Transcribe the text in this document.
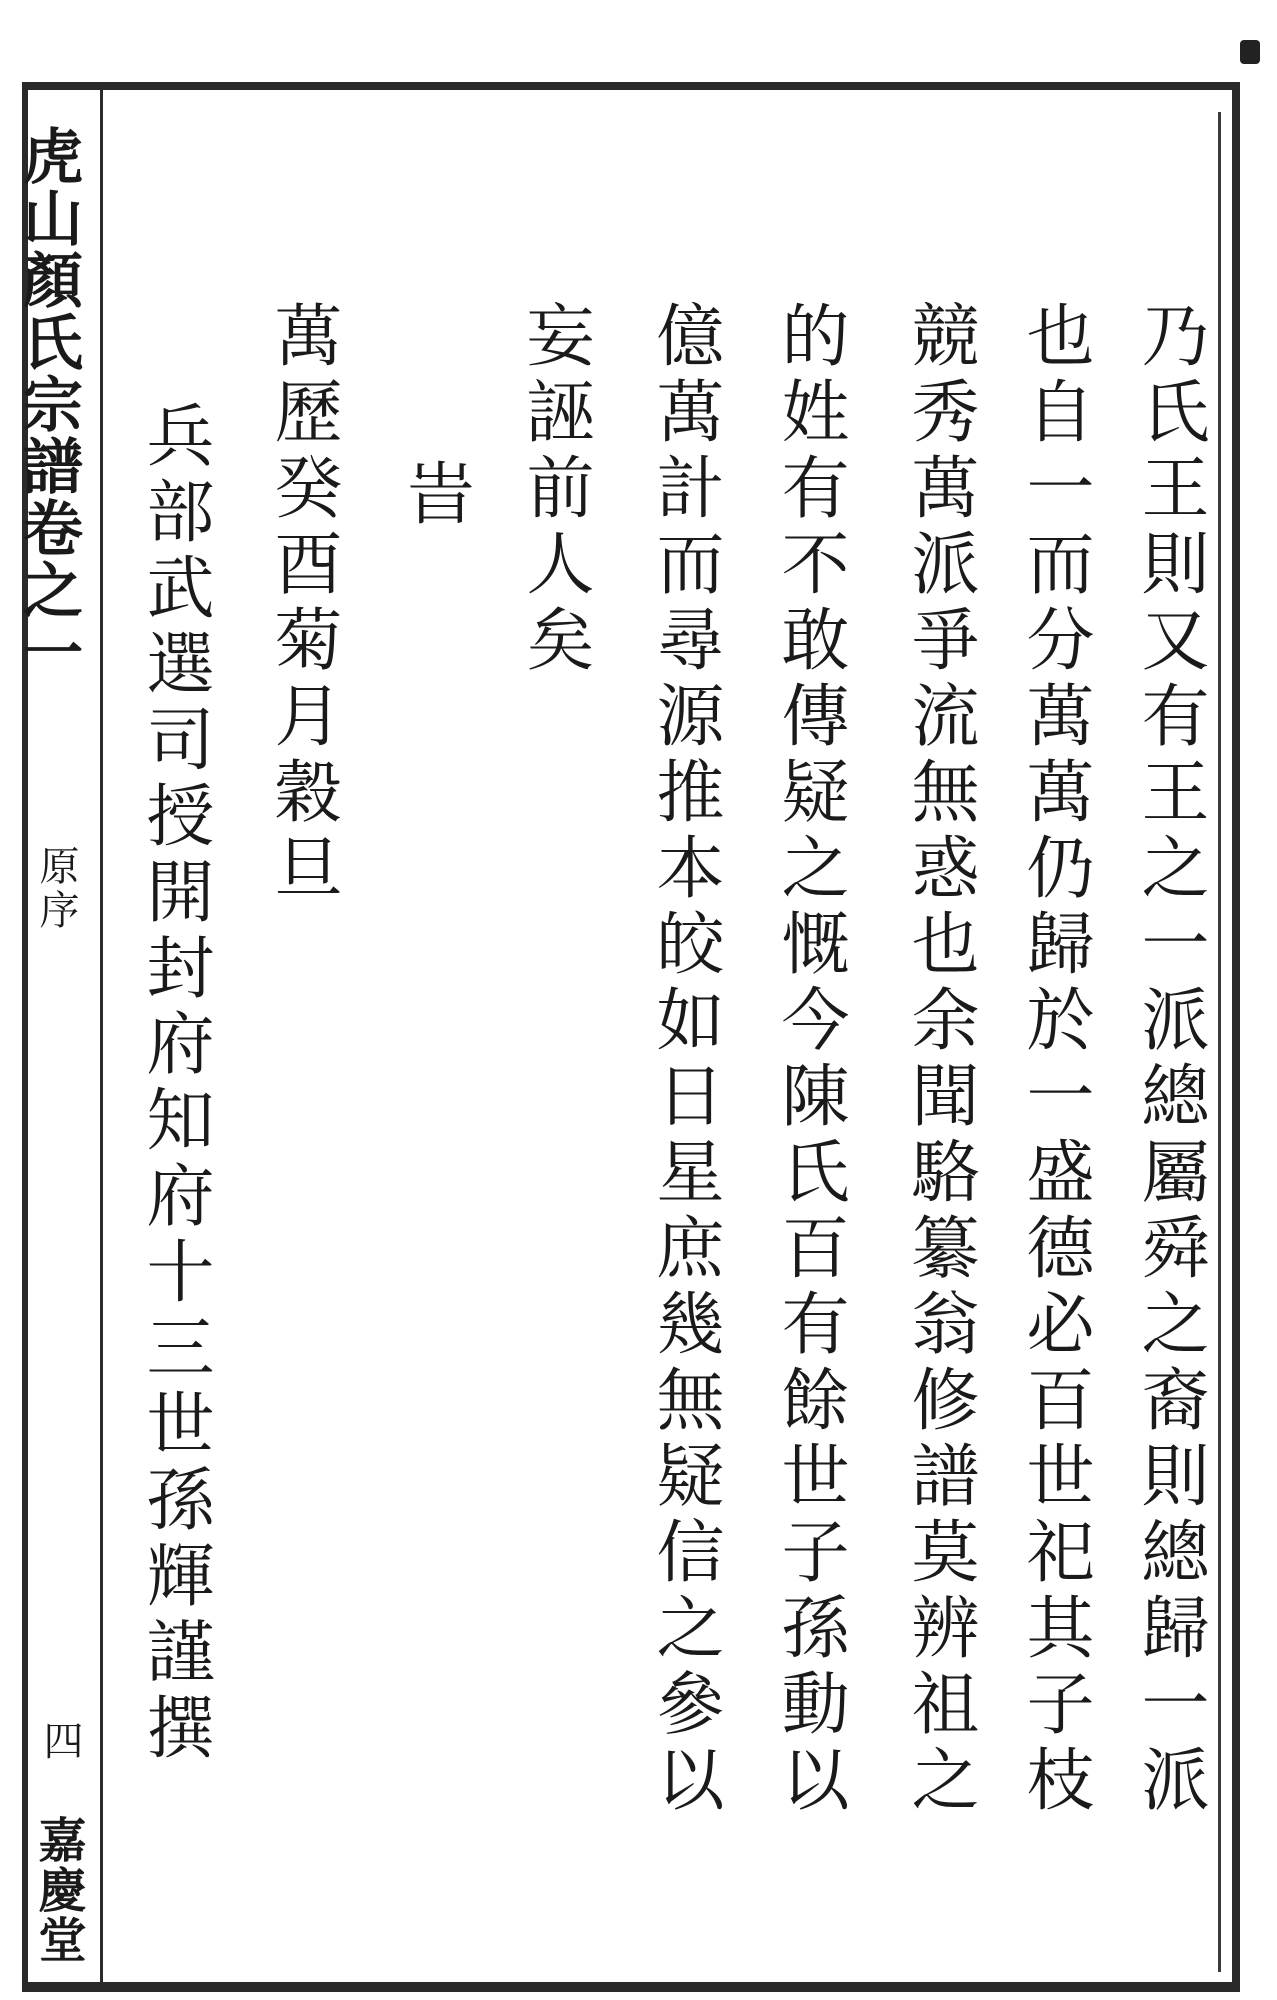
虎山顏氏宗譜卷之一
原序
四
嘉慶堂
乃氏王則又有王之一派總屬舜之裔則總歸一派
也自一而分萬萬仍歸於一盛德必百世祀其子枝
競秀萬派爭流無惑也余聞駱纂翁修譜莫辨祖之
的姓有不敢傳疑之慨今陳氏百有餘世子孫動以
億萬計而尋源推本皎如日星庶幾無疑信之參以
妄誣前人矣
旹
萬歷癸酉菊月穀旦
兵部武選司授開封府知府十三世孫輝謹撰
